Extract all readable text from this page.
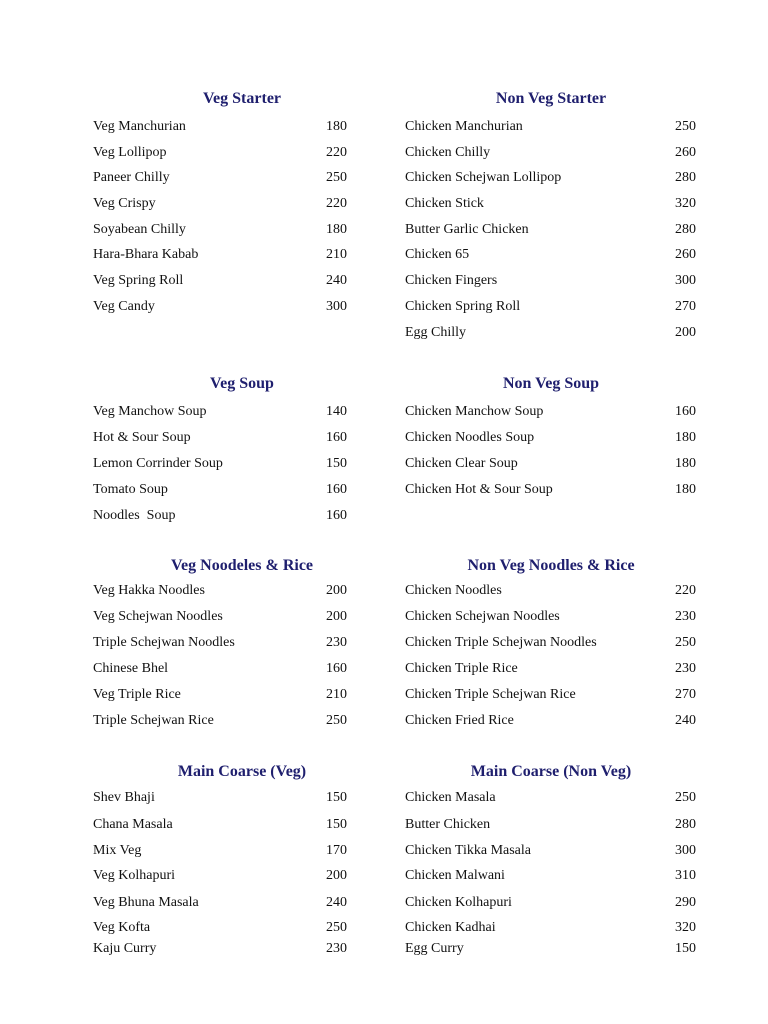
Veg Starter
Veg Manchurian	180
Veg Lollipop	220
Paneer Chilly	250
Veg Crispy	220
Soyabean Chilly	180
Hara-Bhara Kabab	210
Veg Spring Roll	240
Veg Candy	300
Non Veg Starter
Chicken Manchurian	250
Chicken Chilly	260
Chicken Schejwan Lollipop	280
Chicken Stick	320
Butter Garlic Chicken	280
Chicken 65	260
Chicken Fingers	300
Chicken Spring Roll	270
Egg Chilly	200
Veg Soup
Veg Manchow Soup	140
Hot & Sour Soup	160
Lemon Corrinder Soup	150
Tomato Soup	160
Noodles  Soup	160
Non Veg Soup
Chicken Manchow Soup	160
Chicken Noodles Soup	180
Chicken Clear Soup	180
Chicken Hot & Sour Soup	180
Veg Noodeles & Rice
Veg Hakka Noodles	200
Veg Schejwan Noodles	200
Triple Schejwan Noodles	230
Chinese Bhel	160
Veg Triple Rice	210
Triple Schejwan Rice	250
Non Veg Noodles & Rice
Chicken Noodles	220
Chicken Schejwan Noodles	230
Chicken Triple Schejwan Noodles	250
Chicken Triple Rice	230
Chicken Triple Schejwan Rice	270
Chicken Fried Rice	240
Main Coarse (Veg)
Shev Bhaji	150
Chana Masala	150
Mix Veg	170
Veg Kolhapuri	200
Veg Bhuna Masala	240
Veg Kofta	250
Kaju Curry	230
Main Coarse (Non Veg)
Chicken Masala	250
Butter Chicken	280
Chicken Tikka Masala	300
Chicken Malwani	310
Chicken Kolhapuri	290
Chicken Kadhai	320
Egg Curry	150
